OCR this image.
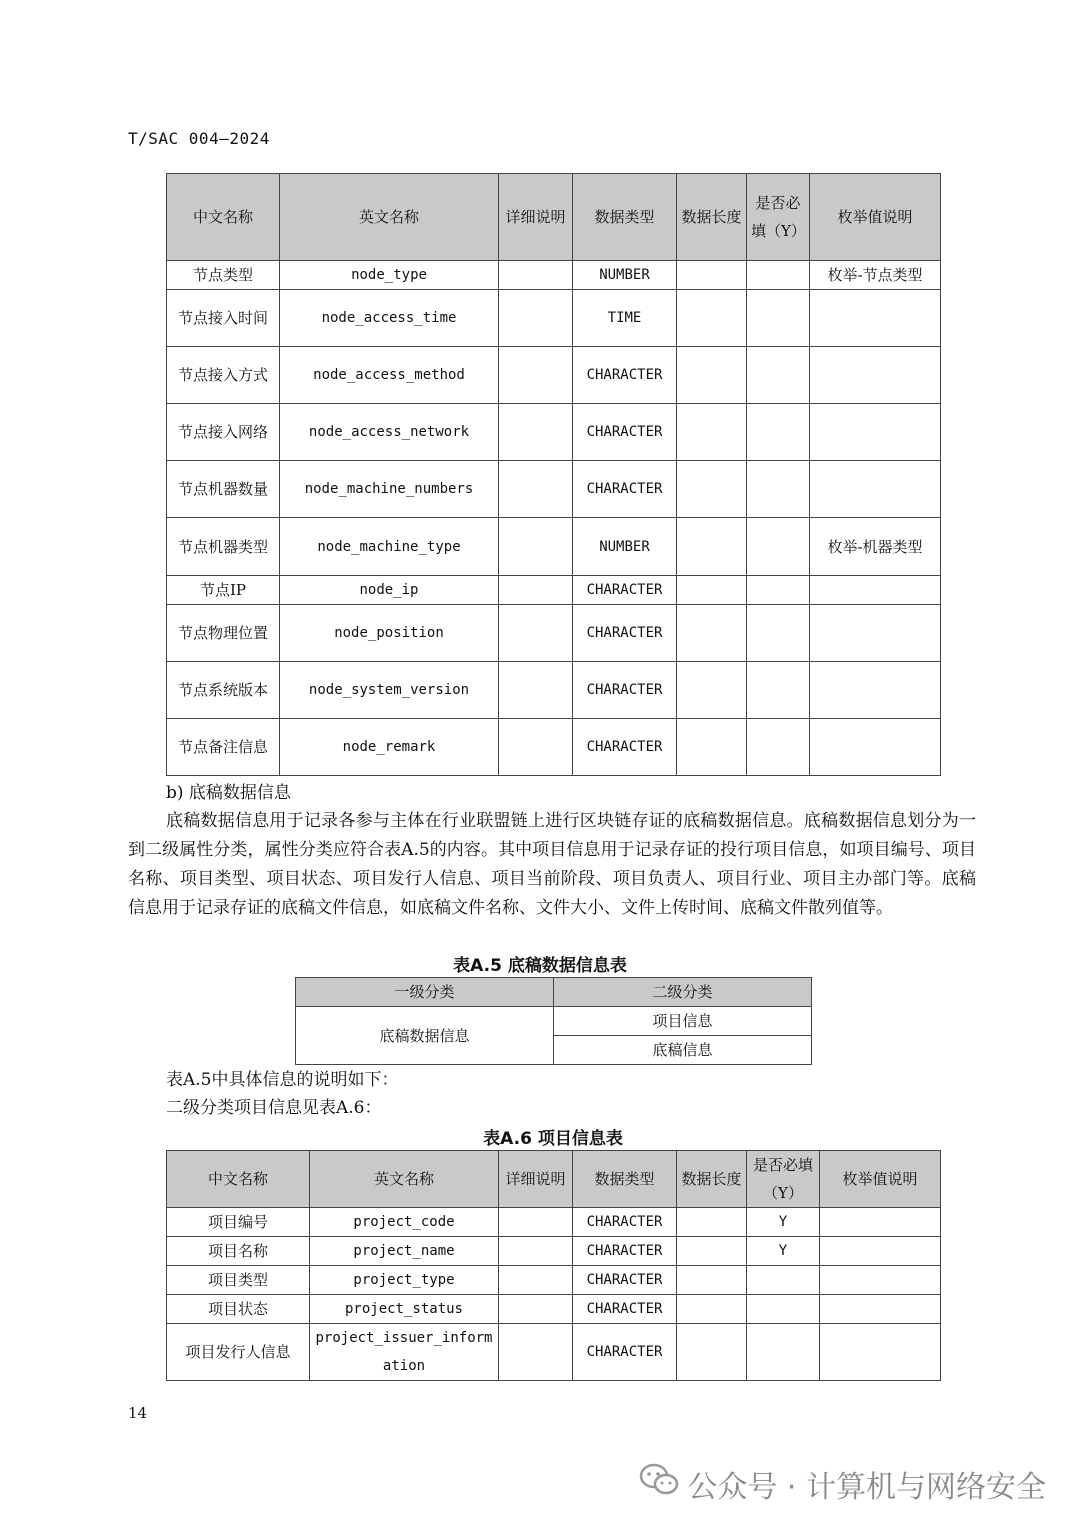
T/SAC 004—2024
中文名称	英文名称	详细说明	数据类型	数据长度	是否必填（Y）	枚举值说明
节点类型	node_type		NUMBER			枚举-节点类型
节点接入时间	node_access_time		TIME			
节点接入方式	node_access_method		CHARACTER			
节点接入网络	node_access_network		CHARACTER			
节点机器数量	node_machine_numbers		CHARACTER			
节点机器类型	node_machine_type		NUMBER			枚举-机器类型
节点IP	node_ip		CHARACTER			
节点物理位置	node_position		CHARACTER			
节点系统版本	node_system_version		CHARACTER			
节点备注信息	node_remark		CHARACTER			
b) 底稿数据信息
底稿数据信息用于记录各参与主体在行业联盟链上进行区块链存证的底稿数据信息。底稿数据信息划分为一到二级属性分类，属性分类应符合表A.5的内容。其中项目信息用于记录存证的投行项目信息，如项目编号、项目名称、项目类型、项目状态、项目发行人信息、项目当前阶段、项目负责人、项目行业、项目主办部门等。底稿信息用于记录存证的底稿文件信息，如底稿文件名称、文件大小、文件上传时间、底稿文件散列值等。
表A.5 底稿数据信息表
一级分类	二级分类
底稿数据信息	项目信息
	底稿信息
表A.5中具体信息的说明如下：
二级分类项目信息见表A.6：
表A.6 项目信息表
中文名称	英文名称	详细说明	数据类型	数据长度	是否必填（Y）	枚举值说明
项目编号	project_code		CHARACTER		Y	
项目名称	project_name		CHARACTER		Y	
项目类型	project_type		CHARACTER			
项目状态	project_status		CHARACTER			
项目发行人信息	project_issuer_information		CHARACTER			
14
公众号 · 计算机与网络安全
